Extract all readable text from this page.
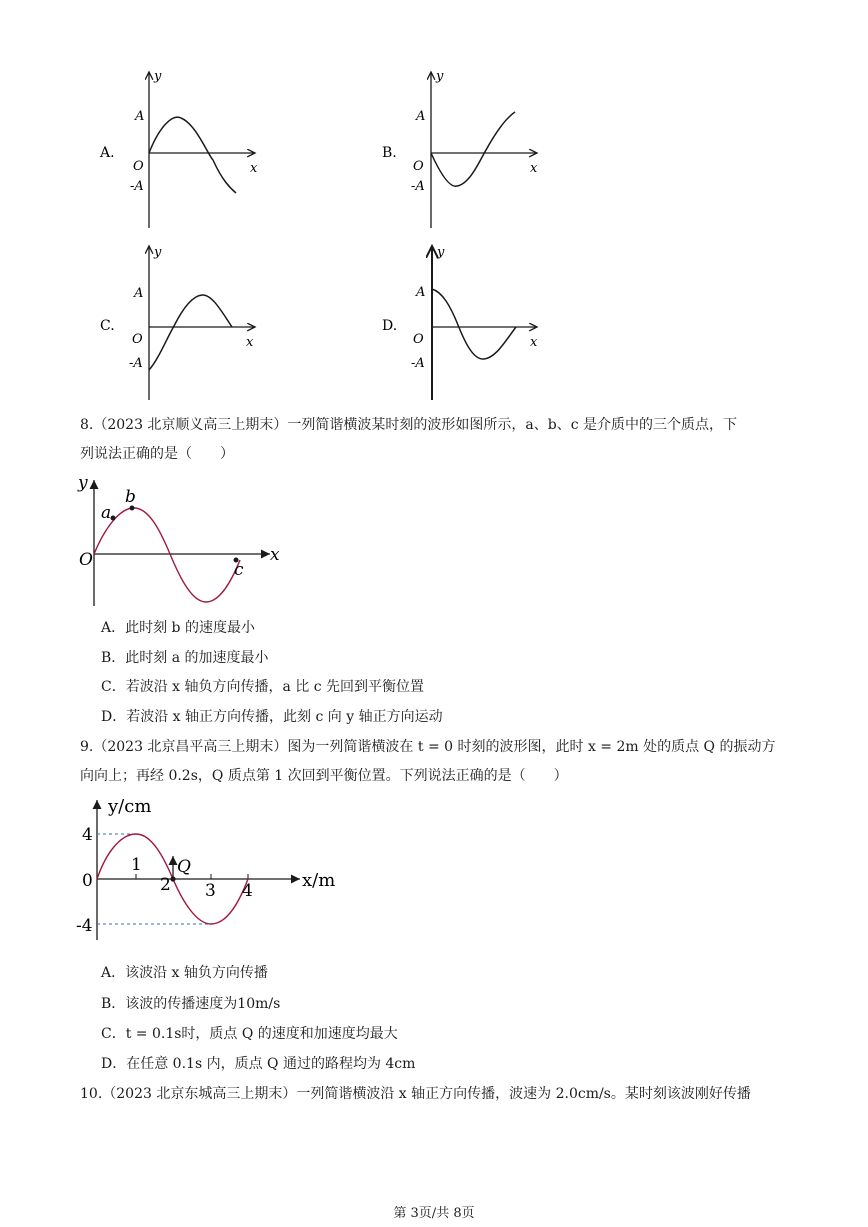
A.
y
x
A
O
-A
B.
y
x
A
O
-A
C.
y
x
A
O
-A
D.
y
x
A
O
-A
8.（2023 北京顺义高三上期末）一列简谐横波某时刻的波形如图所示，a、b、c 是介质中的三个质点，下
列说法正确的是（　　）
y
x
O
a
b
c
A．此时刻 b 的速度最小
B．此时刻 a 的加速度最小
C．若波沿 x 轴负方向传播，a 比 c 先回到平衡位置
D．若波沿 x 轴正方向传播，此刻 c 向 y 轴正方向运动
9.（2023 北京昌平高三上期末）图为一列简谐横波在 t = 0 时刻的波形图，此时 x = 2m 处的质点 Q 的振动方
向向上；再经 0.2s，Q 质点第 1 次回到平衡位置。下列说法正确的是（　　）
y/cm
x/m
4
0
-4
1
2 3 4
Q
A．该波沿 x 轴负方向传播
B．该波的传播速度为10m/s
C．t = 0.1s时，质点 Q 的速度和加速度均最大
D．在任意 0.1s 内，质点 Q 通过的路程均为 4cm
10.（2023 北京东城高三上期末）一列简谐横波沿 x 轴正方向传播，波速为 2.0cm/s。某时刻该波刚好传播
第 3页/共 8页
